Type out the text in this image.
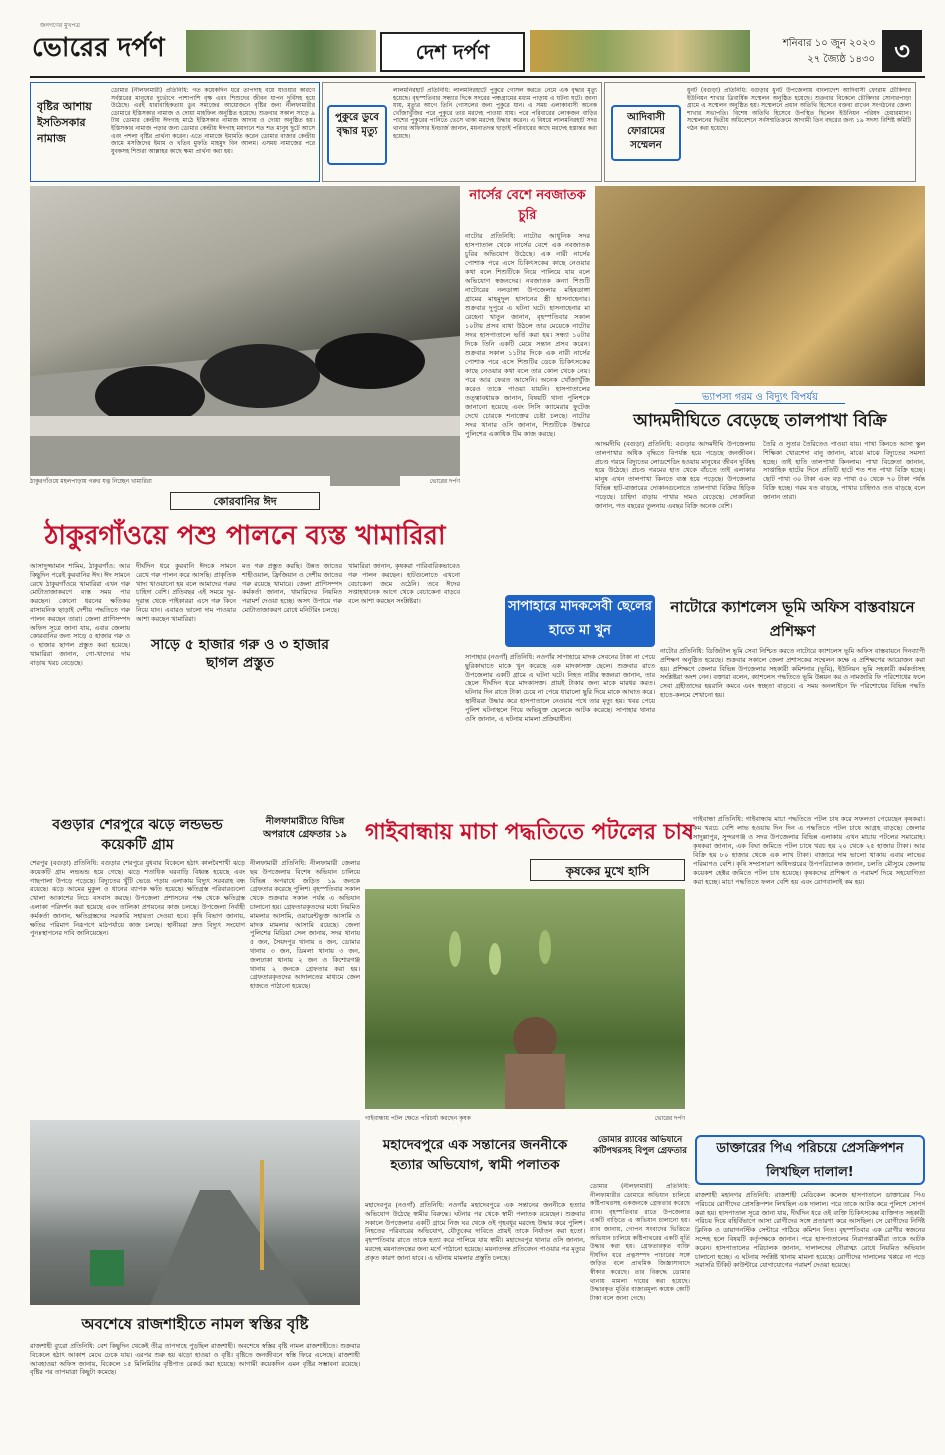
জনগণের মুখপত্র
ভোরের দর্পণ	দেশ দর্পণ	শনিবার ১০ জুন ২০২৩
২৭ জ্যৈষ্ঠ ১৪৩০ ৩
বৃষ্টির আশায় ইসতিসকার নামাজ
ডোমার (নীলফামারী) প্রতিনিধি: গত কয়েকদিন ধরে তাপদাহ বয়ে যাওয়ার কারণে সর্বস্তরের মানুষের দুর্ভোগে পাশাপাশি বৃক্ষ এবং শিশুদের জীবন যাপন দুর্বিসহ হয়ে উঠেছে। এরই ধারাবাহিকতায় ডুব সমাজের আয়োজনে বৃষ্টির জন্য নীলফামারীর ডোমারে ইস্তিসকার নামাজ ও দোয়া মাহফিল অনুষ্ঠিত হয়েছে। শুক্রবার সকাল সাড়ে ৯ টায় ডোমার কেন্দ্রীয় ঈদগাহ মাঠে ইস্তিসকার নামাজ আদায় ও দোয়া অনুষ্ঠিত হয়। ইস্তিসকার নামাজ পড়ার জন্য ডোমার কেন্দ্রীয় ঈদগাহ ময়দানে শত শত মানুষ ছুটে আসে এবং পশলা বৃষ্টির প্রার্থনা করেন। এতে নামাজে ইমামতি করেন ডোমার বাজার কেন্দ্রীয় জামে মসজিদের ইমাম ও খতিব মুফতি মাহমুদ বিন আলম। এসময় নামাজের পরে যুবকসহ শিশুরা আল্লাহর কাছে ক্ষমা প্রার্থনা করা হয়।
পুকুরে ডুবে বৃদ্ধার মৃত্যু
লালমনিরহাট প্রতিনিধি: লালমনিরহাটে পুকুরে গোসল করতে নেমে এক বৃদ্ধার মৃত্যু হয়েছে। বৃহস্পতিবার সন্ধ্যার দিকে সদরের পঞ্চগ্রামের মধ্যম পাড়ায় এ ঘটনা ঘটে। জানা যায়, মৃত্যুর আগে তিনি গোসলের জন্য পুকুরে যান। এ সময় এলাকাবাসী অনেক খোঁজাখুঁজির পরে পুকুরে তার মরদেহ পাওয়া যায়। পরে পরিবারের লোকজন বাড়ির পাশের পুকুরের পানিতে ভেসে থাকা মরদেহ উদ্ধার করেন। এ বিষয়ে লালমনিরহাট সদর থানার অফিসার ইনচার্জ জানান, ময়নাতদন্ত ছাড়াই পরিবারের কাছে মরদেহ হস্তান্তর করা হয়েছে।
আদিবাসী ফোরামের সম্মেলন
ধুনট (বগুড়া) প্রতিনিধি: বগুড়ার ধুনট উপজেলায় বাংলাদেশ আদিবাসী ফোরাম চৌকিদার ইউনিয়ন শাখার ত্রিবার্ষিক সম্মেলন অনুষ্ঠিত হয়েছে। শুক্রবার বিকেলে চৌকিদার সোনারপাড়া গ্রামে এ সম্মেলন অনুষ্ঠিত হয়। সম্মেলনে প্রধান অতিথি হিসেবে বক্তব্য রাখেন সংগঠনের জেলা শাখার সভাপতি। বিশেষ অতিথি হিসেবে উপস্থিত ছিলেন ইউনিয়ন পরিষদ চেয়ারম্যান। সম্মেলনের দ্বিতীয় অধিবেশনে সর্বসম্মতিক্রমে আগামী তিন বছরের জন্য ১৯ সদস্য বিশিষ্ট কমিটি গঠন করা হয়েছে।
ঠাকুরগাঁওয়ে মহলপাড়ায় গরুর যত্ন নিচ্ছেন খামারিরা	ভোরের দর্পণ
নার্সের বেশে নবজাতক চুরি
নাটোর প্রতিনিধি: নাটোর আধুনিক সদর হাসপাতাল থেকে নার্সের বেশে এক নবজাতক চুরির অভিযোগ উঠেছে। এক নারী নার্সের পোশাক পরে এসে চিকিৎসকের কাছে নেওয়ার কথা বলে শিশুটিকে নিয়ে পালিয়ে যায় বলে অভিযোগ স্বজনদের। নবজাতক কন্যা শিশুটি নাটোরের নলডাঙ্গা উপজেলার মহিষডাঙ্গা গ্রামের মাহমুদুল হাসানের স্ত্রী হাসনাহেনার। শুক্রবার দুপুরে এ ঘটনা ঘটে। হাসনাহেনার মা রেহেনা খাতুন জানান, বৃহস্পতিবার সকাল ১০টায় প্রসব ব্যথা উঠলে তার মেয়েকে নাটোর সদর হাসপাতালে ভর্তি করা হয়। সন্ধ্যা ১০টার দিকে তিনি একটি মেয়ে সন্তান প্রসব করেন। শুক্রবার সকাল ১১টার দিকে এক নারী নার্সের পোশাক পরে এসে শিশুটির ডেকে চিকিৎসকের কাছে নেওয়ার কথা বলে তার কোল থেকে নেয়। পরে আর ফেরত আসেনি। অনেক খোঁজাখুঁজি করেও তাকে পাওয়া যায়নি। হাসপাতালের তত্ত্বাবধায়ক জানান, বিষয়টি থানা পুলিশকে জানানো হয়েছে এবং সিসি ক্যামেরার ফুটেজ দেখে চোরকে শনাক্তের চেষ্টা চলছে। নাটোর সদর থানার ওসি জানান, শিশুটিকে উদ্ধারে পুলিশের একাধিক টিম কাজ করছে।
ভ্যাপসা গরম ও বিদ্যুৎ বিপর্যয়
আদমদীঘিতে বেড়েছে তালপাখা বিক্রি
আদমদীঘি (বগুড়া) প্রতিনিধি: বগুড়ার আদমদীঘি উপজেলায় তালপাখার অধিক বৃদ্ধিতে বিপর্যস্ত হয়ে পড়েছে জনজীবন। প্রচণ্ড গরমে বিদ্যুতের লোডশেডিং হওয়ায় মানুষের জীবন দুর্বিষহ হয়ে উঠেছে। প্রচণ্ড গরমের হাত থেকে বাঁচতে তাই এলাকার মানুষ এখন তালপাখা কিনতে ব্যস্ত হয়ে পড়েছে। উপজেলার বিভিন্ন হাট-বাজারের দোকানগুলোতে তালপাখা বিক্রির হিড়িক পড়েছে। চাহিদা বাড়ায় পাখার দামও বেড়েছে। দোকানিরা জানান, গত বছরের তুলনায় এবছর বিক্রি অনেক বেশি।
তৈরি ও সুতার তৈরিতেও পাওয়া যায়। পাখা কিনতে আসা স্কুল শিক্ষিকা খোরশেদা বানু জানান, মাঝে মাঝে বিদ্যুতের সমস্যা হচ্ছে। তাই হাতি তালপাখা কিনলাম। পাখা বিক্রেতা জানান, সাপ্তাহিক হাটের দিনে প্রতিটি হাটে শত শত পাখা বিক্রি হচ্ছে। ছোট পাখা ৩০ টাকা এবং বড় পাখা ৫০ থেকে ৭০ টাকা পর্যন্ত বিক্রি হচ্ছে। গরম যত বাড়ছে, পাখার চাহিদাও তত বাড়ছে বলে জানান তারা।
কোরবানির ঈদ
ঠাকুরগাঁওয়ে পশু পালনে ব্যস্ত খামারিরা
আসাদুজ্জামান শামিম, ঠাকুরগাঁও: আর কিছুদিন পরেই কুরবানির ঈদ। ঈদ সামনে রেখে ঠাকুরগাঁওয়ে খামারিরা এখন গরু মোটাতাজাকরণে ব্যস্ত সময় পার করছেন। কোনো ধরনের ক্ষতিকর রাসায়নিক ছাড়াই দেশীয় পদ্ধতিতে গরু পালন করছেন তারা। জেলা প্রাণিসম্পদ অফিস সূত্রে জানা যায়, এবার জেলায় কোরবানির জন্য সাড়ে ৫ হাজার গরু ও ৩ হাজার ছাগল প্রস্তুত করা হয়েছে। খামারিরা জানান, গো-খাদ্যের দাম বাড়ায় খরচ বেড়েছে।
দীর্ঘদিন ধরে কুরবানি ঈদকে সামনে রেখে গরু পালন করে আসছি। প্রাকৃতিক খাদ্য খাওয়ানো হয় বলে আমাদের গরুর চাহিদা বেশি। প্রতিবছর এই সময়ে দূর-দূরান্ত থেকে পাইকাররা এসে গরু কিনে নিয়ে যান। এবারও ভালো দাম পাওয়ার আশা করছেন খামারিরা।
সাড়ে ৫ হাজার গরু ও ৩ হাজার ছাগল প্রস্তুত
মত গরু প্রস্তুত করছি। উন্নত জাতের শাহীওয়াল, ফ্রিজিয়ান ও দেশীয় জাতের গরু রয়েছে খামারে। জেলা প্রাণিসম্পদ কর্মকর্তা জানান, খামারিদের নিয়মিত পরামর্শ দেওয়া হচ্ছে। অসৎ উপায়ে গরু মোটাতাজাকরণ রোধে মনিটরিং চলছে।
খামারিরা জানান, কৃষকরা পারিবারিকভাবেও গরু পালন করছেন। হাটগুলোতে এখনো বেচাকেনা জমে ওঠেনি। তবে ঈদের সপ্তাহখানেক আগে থেকে বেচাকেনা বাড়বে বলে আশা করছেন সংশ্লিষ্টরা।	সাপাহারে মাদকসেবী ছেলের হাতে মা খুন
সাপাহার (নওগাঁ) প্রতিনিধি: নওগাঁর সাপাহারে মাদক সেবনের টাকা না পেয়ে ছুরিকাঘাতে মাকে খুন করেছে এক মাদকাসক্ত ছেলে। শুক্রবার রাতে উপজেলার একটি গ্রামে এ ঘটনা ঘটে। নিহত নারীর স্বজনরা জানান, তার ছেলে দীর্ঘদিন ধরে মাদকাসক্ত। প্রায়ই টাকার জন্য মাকে মারধর করত। ঘটনার দিন রাতে টাকা চেয়ে না পেয়ে ধারালো ছুরি দিয়ে মাকে আঘাত করে। স্থানীয়রা উদ্ধার করে হাসপাতালে নেওয়ার পথে তার মৃত্যু হয়। খবর পেয়ে পুলিশ ঘটনাস্থলে গিয়ে অভিযুক্ত ছেলেকে আটক করেছে। সাপাহার থানার ওসি জানান, এ ঘটনায় মামলা প্রক্রিয়াধীন।
নাটোরে ক্যাশলেস ভূমি অফিস বাস্তবায়নে প্রশিক্ষণ
নাটোর প্রতিনিধি: ডিজিটাল ভূমি সেবা নিশ্চিত করতে নাটোরে ক্যাশলেস ভূমি অফিস বাস্তবায়নে দিনব্যাপী প্রশিক্ষণ অনুষ্ঠিত হয়েছে। শুক্রবার সকালে জেলা প্রশাসকের সম্মেলন কক্ষে এ প্রশিক্ষণের আয়োজন করা হয়। প্রশিক্ষণে জেলার বিভিন্ন উপজেলার সহকারী কমিশনার (ভূমি), ইউনিয়ন ভূমি সহকারী কর্মকর্তাসহ সংশ্লিষ্টরা অংশ নেন। বক্তারা বলেন, ক্যাশলেস পদ্ধতিতে ভূমি উন্নয়ন কর ও নামজারি ফি পরিশোধের ফলে সেবা গ্রহীতাদের হয়রানি কমবে এবং স্বচ্ছতা বাড়বে। এ সময় অনলাইনে ফি পরিশোধের বিভিন্ন পদ্ধতি হাতে-কলমে শেখানো হয়।
বগুড়ার শেরপুরে ঝড়ে লন্ডভন্ড কয়েকটি গ্রাম
শেরপুর (বগুড়া) প্রতিনিধি: বগুড়ার শেরপুরে বুধবার বিকেলে হঠাৎ কালবৈশাখী ঝড়ে কয়েকটি গ্রাম লন্ডভন্ড হয়ে গেছে। ঝড়ে শতাধিক ঘরবাড়ি বিধ্বস্ত হয়েছে এবং গাছপালা উপড়ে পড়েছে। বিদ্যুতের খুঁটি ভেঙে পড়ায় এলাকায় বিদ্যুৎ সরবরাহ বন্ধ রয়েছে। ঝড়ে আমের মুকুল ও ধানের ব্যাপক ক্ষতি হয়েছে। ক্ষতিগ্রস্ত পরিবারগুলো খোলা আকাশের নিচে বসবাস করছে। উপজেলা প্রশাসনের পক্ষ থেকে ক্ষতিগ্রস্ত এলাকা পরিদর্শন করা হয়েছে এবং তালিকা প্রণয়নের কাজ চলছে। উপজেলা নির্বাহী কর্মকর্তা জানান, ক্ষতিগ্রস্তদের সরকারি সহায়তা দেওয়া হবে। কৃষি বিভাগ জানায়, ক্ষতির পরিমাণ নিরূপণে মাঠপর্যায়ে কাজ চলছে। স্থানীয়রা দ্রুত বিদ্যুৎ সংযোগ পুনঃস্থাপনের দাবি জানিয়েছেন।
নীলফামারীতে বিভিন্ন অপরাধে গ্রেফতার ১৯
নীলফামারী প্রতিনিধি: নীলফামারী জেলার ছয় উপজেলায় বিশেষ অভিযান চালিয়ে বিভিন্ন অপরাধে জড়িত ১৯ জনকে গ্রেফতার করেছে পুলিশ। বৃহস্পতিবার সকাল থেকে শুক্রবার সকাল পর্যন্ত এ অভিযান চালানো হয়। গ্রেফতারকৃতদের মধ্যে নিয়মিত মামলার আসামি, ওয়ারেন্টভুক্ত আসামি ও মাদক মামলার আসামি রয়েছে। জেলা পুলিশের মিডিয়া সেল জানায়, সদর থানায় ৫ জন, সৈয়দপুর থানায় ৪ জন, ডোমার থানায় ৩ জন, ডিমলা থানায় ৩ জন, জলঢাকা থানায় ২ জন ও কিশোরগঞ্জ থানায় ২ জনকে গ্রেফতার করা হয়। গ্রেফতারকৃতদের আদালতের মাধ্যমে জেল হাজতে পাঠানো হয়েছে।
গাইবান্ধায় মাচা পদ্ধতিতে পটলের চাষ
কৃষকের মুখে হাসি
গাইবান্ধায় পটল ক্ষেতে পরিচর্যা করছেন কৃষক	ভোরের দর্পণ
গাইবান্ধা প্রতিনিধি: গাইবান্ধায় মাচা পদ্ধতিতে পটল চাষ করে সফলতা পেয়েছেন কৃষকরা। কম খরচে বেশি লাভ হওয়ায় দিন দিন এ পদ্ধতিতে পটল চাষে আগ্রহ বাড়ছে। জেলার সাদুল্লাপুর, সুন্দরগঞ্জ ও সদর উপজেলার বিভিন্ন এলাকায় এখন মাচায় পটলের সমারোহ। কৃষকরা জানান, এক বিঘা জমিতে পটল চাষে খরচ হয় ২০ থেকে ২৫ হাজার টাকা। আর বিক্রি হয় ৮০ হাজার থেকে এক লাখ টাকা। বাজারে দাম ভালো থাকায় এবার লাভের পরিমাণও বেশি। কৃষি সম্প্রসারণ অধিদপ্তরের উপপরিচালক জানান, চলতি মৌসুমে জেলায় কয়েকশ হেক্টর জমিতে পটল চাষ হয়েছে। কৃষকদের প্রশিক্ষণ ও পরামর্শ দিয়ে সহযোগিতা করা হচ্ছে। মাচা পদ্ধতিতে ফলন বেশি হয় এবং রোগবালাই কম হয়।
অবশেষে রাজশাহীতে নামল স্বস্তির বৃষ্টি
রাজশাহী ব্যুরো প্রতিনিধি: বেশ কিছুদিন থেকেই তীব্র তাপদাহে পুড়ছিল রাজশাহী। অবশেষে স্বস্তির বৃষ্টি নামল রাজশাহীতে। শুক্রবার বিকেলে হঠাৎ আকাশ মেঘে ঢেকে যায়। এরপর শুরু হয় ঝড়ো হাওয়া ও বৃষ্টি। বৃষ্টিতে জনজীবনে স্বস্তি ফিরে এসেছে। রাজশাহী আবহাওয়া অফিস জানায়, বিকেলে ১৫ মিলিমিটার বৃষ্টিপাত রেকর্ড করা হয়েছে। আগামী কয়েকদিন এমন বৃষ্টির সম্ভাবনা রয়েছে। বৃষ্টির পর তাপমাত্রা কিছুটা কমেছে।
মহাদেবপুরে এক সন্তানের জননীকে হত্যার অভিযোগ, স্বামী পলাতক
মহাদেবপুর (নওগাঁ) প্রতিনিধি: নওগাঁর মহাদেবপুরে এক সন্তানের জননীকে হত্যার অভিযোগ উঠেছে স্বামীর বিরুদ্ধে। ঘটনার পর থেকে স্বামী পলাতক রয়েছেন। শুক্রবার সকালে উপজেলার একটি গ্রামে নিজ ঘর থেকে ওই গৃহবধূর মরদেহ উদ্ধার করে পুলিশ। নিহতের পরিবারের অভিযোগ, যৌতুকের দাবিতে প্রায়ই তাকে নির্যাতন করা হতো। বৃহস্পতিবার রাতে তাকে হত্যা করে পালিয়ে যায় স্বামী। মহাদেবপুর থানার ওসি জানান, মরদেহ ময়নাতদন্তের জন্য মর্গে পাঠানো হয়েছে। ময়নাতদন্ত প্রতিবেদন পাওয়ার পর মৃত্যুর প্রকৃত কারণ জানা যাবে। এ ঘটনায় মামলার প্রস্তুতি চলছে।
ডোমার র‍্যাবের অভিযানে কটিপথরসহ বিপুল গ্রেফতার
ডোমার (নীলফামারী) প্রতিনিধি: নীলফামারীর ডোমারে অভিযান চালিয়ে কষ্টিপাথরসহ একজনকে গ্রেফতার করেছে র‍্যাব। বৃহস্পতিবার রাতে উপজেলার একটি বাড়িতে এ অভিযান চালানো হয়। র‍্যাব জানায়, গোপন সংবাদের ভিত্তিতে অভিযান চালিয়ে কষ্টিপাথরের একটি মূর্তি উদ্ধার করা হয়। গ্রেফতারকৃত ব্যক্তি দীর্ঘদিন ধরে প্রত্নসম্পদ পাচারের সঙ্গে জড়িত বলে প্রাথমিক জিজ্ঞাসাবাদে স্বীকার করেছে। তার বিরুদ্ধে ডোমার থানায় মামলা দায়ের করা হয়েছে। উদ্ধারকৃত মূর্তির বাজারমূল্য কয়েক কোটি টাকা বলে জানা গেছে।
ডাক্তারের পিএ পরিচয়ে প্রেসক্রিপশন লিখছিল দালাল!
রাজশাহী মহানগর প্রতিনিধি: রাজশাহী মেডিকেল কলেজ হাসপাতালে ডাক্তারের পিএ পরিচয়ে রোগীদের প্রেসক্রিপশন লিখছিল এক দালাল। পরে তাকে আটক করে পুলিশে সোপর্দ করা হয়। হাসপাতাল সূত্রে জানা যায়, দীর্ঘদিন ধরে ওই ব্যক্তি চিকিৎসকের ব্যক্তিগত সহকারী পরিচয় দিয়ে বহির্বিভাগে আসা রোগীদের সঙ্গে প্রতারণা করে আসছিল। সে রোগীদের নির্দিষ্ট ক্লিনিক ও ডায়াগনস্টিক সেন্টারে পাঠিয়ে কমিশন নিত। বৃহস্পতিবার এক রোগীর স্বজনের সন্দেহ হলে বিষয়টি কর্তৃপক্ষকে জানান। পরে হাসপাতালের নিরাপত্তাকর্মীরা তাকে আটক করেন। হাসপাতালের পরিচালক জানান, দালালদের দৌরাত্ম্য রোধে নিয়মিত অভিযান চালানো হচ্ছে। এ ঘটনায় সংশ্লিষ্ট থানায় মামলা হয়েছে। রোগীদের দালালের খপ্পরে না পড়ে সরাসরি টিকিট কাউন্টারে যোগাযোগের পরামর্শ দেওয়া হয়েছে।
